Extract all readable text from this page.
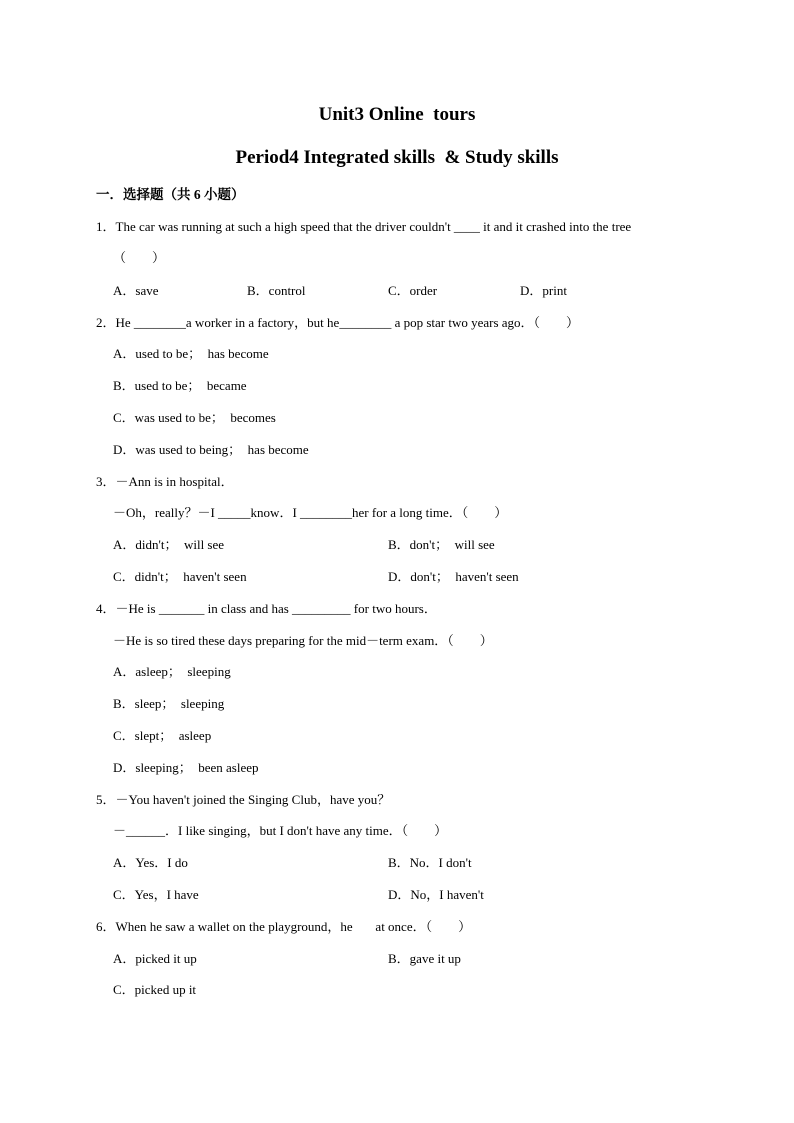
Unit3 Online  tours
Period4 Integrated skills  & Study skills
一．选择题（共 6 小题）
1．The car was running at such a high speed that the driver couldn't ____ it and it crashed into the tree
（        ）
A．save	B．control	C．order	D．print
2．He ________a worker in a factory，but he________ a pop star two years ago．（        ）
A．used to be；  has become
B．used to be；  became
C．was used to be；  becomes
D．was used to being；  has become
3．－Ann is in hospital．
－Oh，really？－I _____know．I ________her for a long time．（        ）
A．didn't；  will see	B．don't；  will see
C．didn't；  haven't seen	D．don't；  haven't seen
4．－He is _______ in class and has _________ for two hours．
－He is so tired these days preparing for the mid－term exam．（        ）
A．asleep；  sleeping
B．sleep；  sleeping
C．slept；  asleep
D．sleeping；  been asleep
5．－You haven't joined the Singing Club，have you？
－______．I like singing，but I don't have any time．（        ）
A．Yes．I do	B．No．I don't
C．Yes，I have	D．No，I haven't
6．When he saw a wallet on the playground，he       at once．（        ）
A．picked it up	B．gave it up
C．picked up it
